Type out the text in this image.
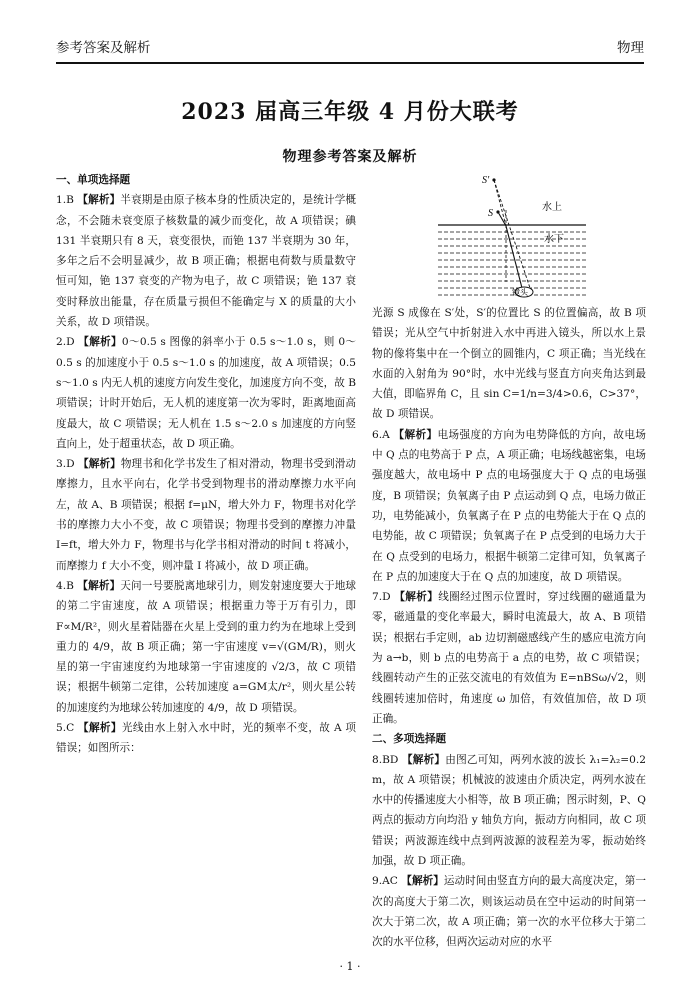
参考答案及解析	物理
2023 届高三年级 4 月份大联考
物理参考答案及解析

一、单项选择题

1.B 【解析】半衰期是由原子核本身的性质决定的，是统计学概念，不会随未衰变原子核数量的减少而变化，故 A 项错误；碘 131 半衰期只有 8 天，衰变很快，而铯 137 半衰期为 30 年，多年之后不会明显减少，故 B 项正确；根据电荷数与质量数守恒可知，铯 137 衰变的产物为电子，故 C 项错误；铯 137 衰变时释放出能量，存在质量亏损但不能确定与 X 的质量的大小关系，故 D 项错误。

2.D 【解析】0～0.5 s 图像的斜率小于 0.5 s～1.0 s，则 0～0.5 s 的加速度小于 0.5 s～1.0 s 的加速度，故 A 项错误；0.5 s～1.0 s 内无人机的速度方向发生变化，加速度方向不变，故 B 项错误；计时开始后，无人机的速度第一次为零时，距离地面高度最大，故 C 项错误；无人机在 1.5 s～2.0 s 加速度的方向竖直向上，处于超重状态，故 D 项正确。

3.D 【解析】物理书和化学书发生了相对滑动，物理书受到滑动摩擦力，且水平向右，化学书受到物理书的滑动摩擦力水平向左，故 A、B 项错误；根据 f=μN，增大外力 F，物理书对化学书的摩擦力大小不变，故 C 项错误；物理书受到的摩擦力冲量 I=ft，增大外力 F，物理书与化学书相对滑动的时间 t 将减小，而摩擦力 f 大小不变，则冲量 I 将减小，故 D 项正确。

4.B 【解析】天问一号要脱离地球引力，则发射速度要大于地球的第二宇宙速度，故 A 项错误；根据重力等于万有引力，即 F∝M/R²，则火星着陆器在火星上受到的重力约为在地球上受到重力的 4/9，故 B 项正确；第一宇宙速度 v=√(GM/R)，则火星的第一宇宙速度约为地球第一宇宙速度的 √2/3，故 C 项错误；根据牛顿第二定律，公转加速度 a=GM太/r²，则火星公转的加速度约为地球公转加速度的 4/9，故 D 项错误。

5.C 【解析】光线由水上射入水中时，光的频率不变，故 A 项错误；如图所示：

S′
S
水上
水下
镜头

光源 S 成像在 S′处，S′的位置比 S 的位置偏高，故 B 项错误；光从空气中折射进入水中再进入镜头，所以水上景物的像将集中在一个倒立的圆锥内，C 项正确；当光线在水面的入射角为 90°时，水中光线与竖直方向夹角达到最大值，即临界角 C，且 sin C=1/n=3/4>0.6，C>37°，故 D 项错误。

6.A 【解析】电场强度的方向为电势降低的方向，故电场中 Q 点的电势高于 P 点，A 项正确；电场线越密集，电场强度越大，故电场中 P 点的电场强度大于 Q 点的电场强度，B 项错误；负氧离子由 P 点运动到 Q 点，电场力做正功，电势能减小，负氧离子在 P 点的电势能大于在 Q 点的电势能，故 C 项错误；负氧离子在 P 点受到的电场力大于在 Q 点受到的电场力，根据牛顿第二定律可知，负氧离子在 P 点的加速度大于在 Q 点的加速度，故 D 项错误。

7.D 【解析】线圈经过图示位置时，穿过线圈的磁通量为零，磁通量的变化率最大，瞬时电流最大，故 A、B 项错误；根据右手定则，ab 边切割磁感线产生的感应电流方向为 a→b，则 b 点的电势高于 a 点的电势，故 C 项错误；线圈转动产生的正弦交流电的有效值为 E=nBSω/√2，则线圈转速加倍时，角速度 ω 加倍，有效值加倍，故 D 项正确。

二、多项选择题

8.BD 【解析】由图乙可知，两列水波的波长 λ₁=λ₂=0.2 m，故 A 项错误；机械波的波速由介质决定，两列水波在水中的传播速度大小相等，故 B 项正确；图示时刻，P、Q 两点的振动方向均沿 y 轴负方向，振动方向相同，故 C 项错误；两波源连线中点到两波源的波程差为零，振动始终加强，故 D 项正确。

9.AC 【解析】运动时间由竖直方向的最大高度决定，第一次的高度大于第二次，则该运动员在空中运动的时间第一次大于第二次，故 A 项正确；第一次的水平位移大于第二次的水平位移，但两次运动对应的水平

· 1 ·
